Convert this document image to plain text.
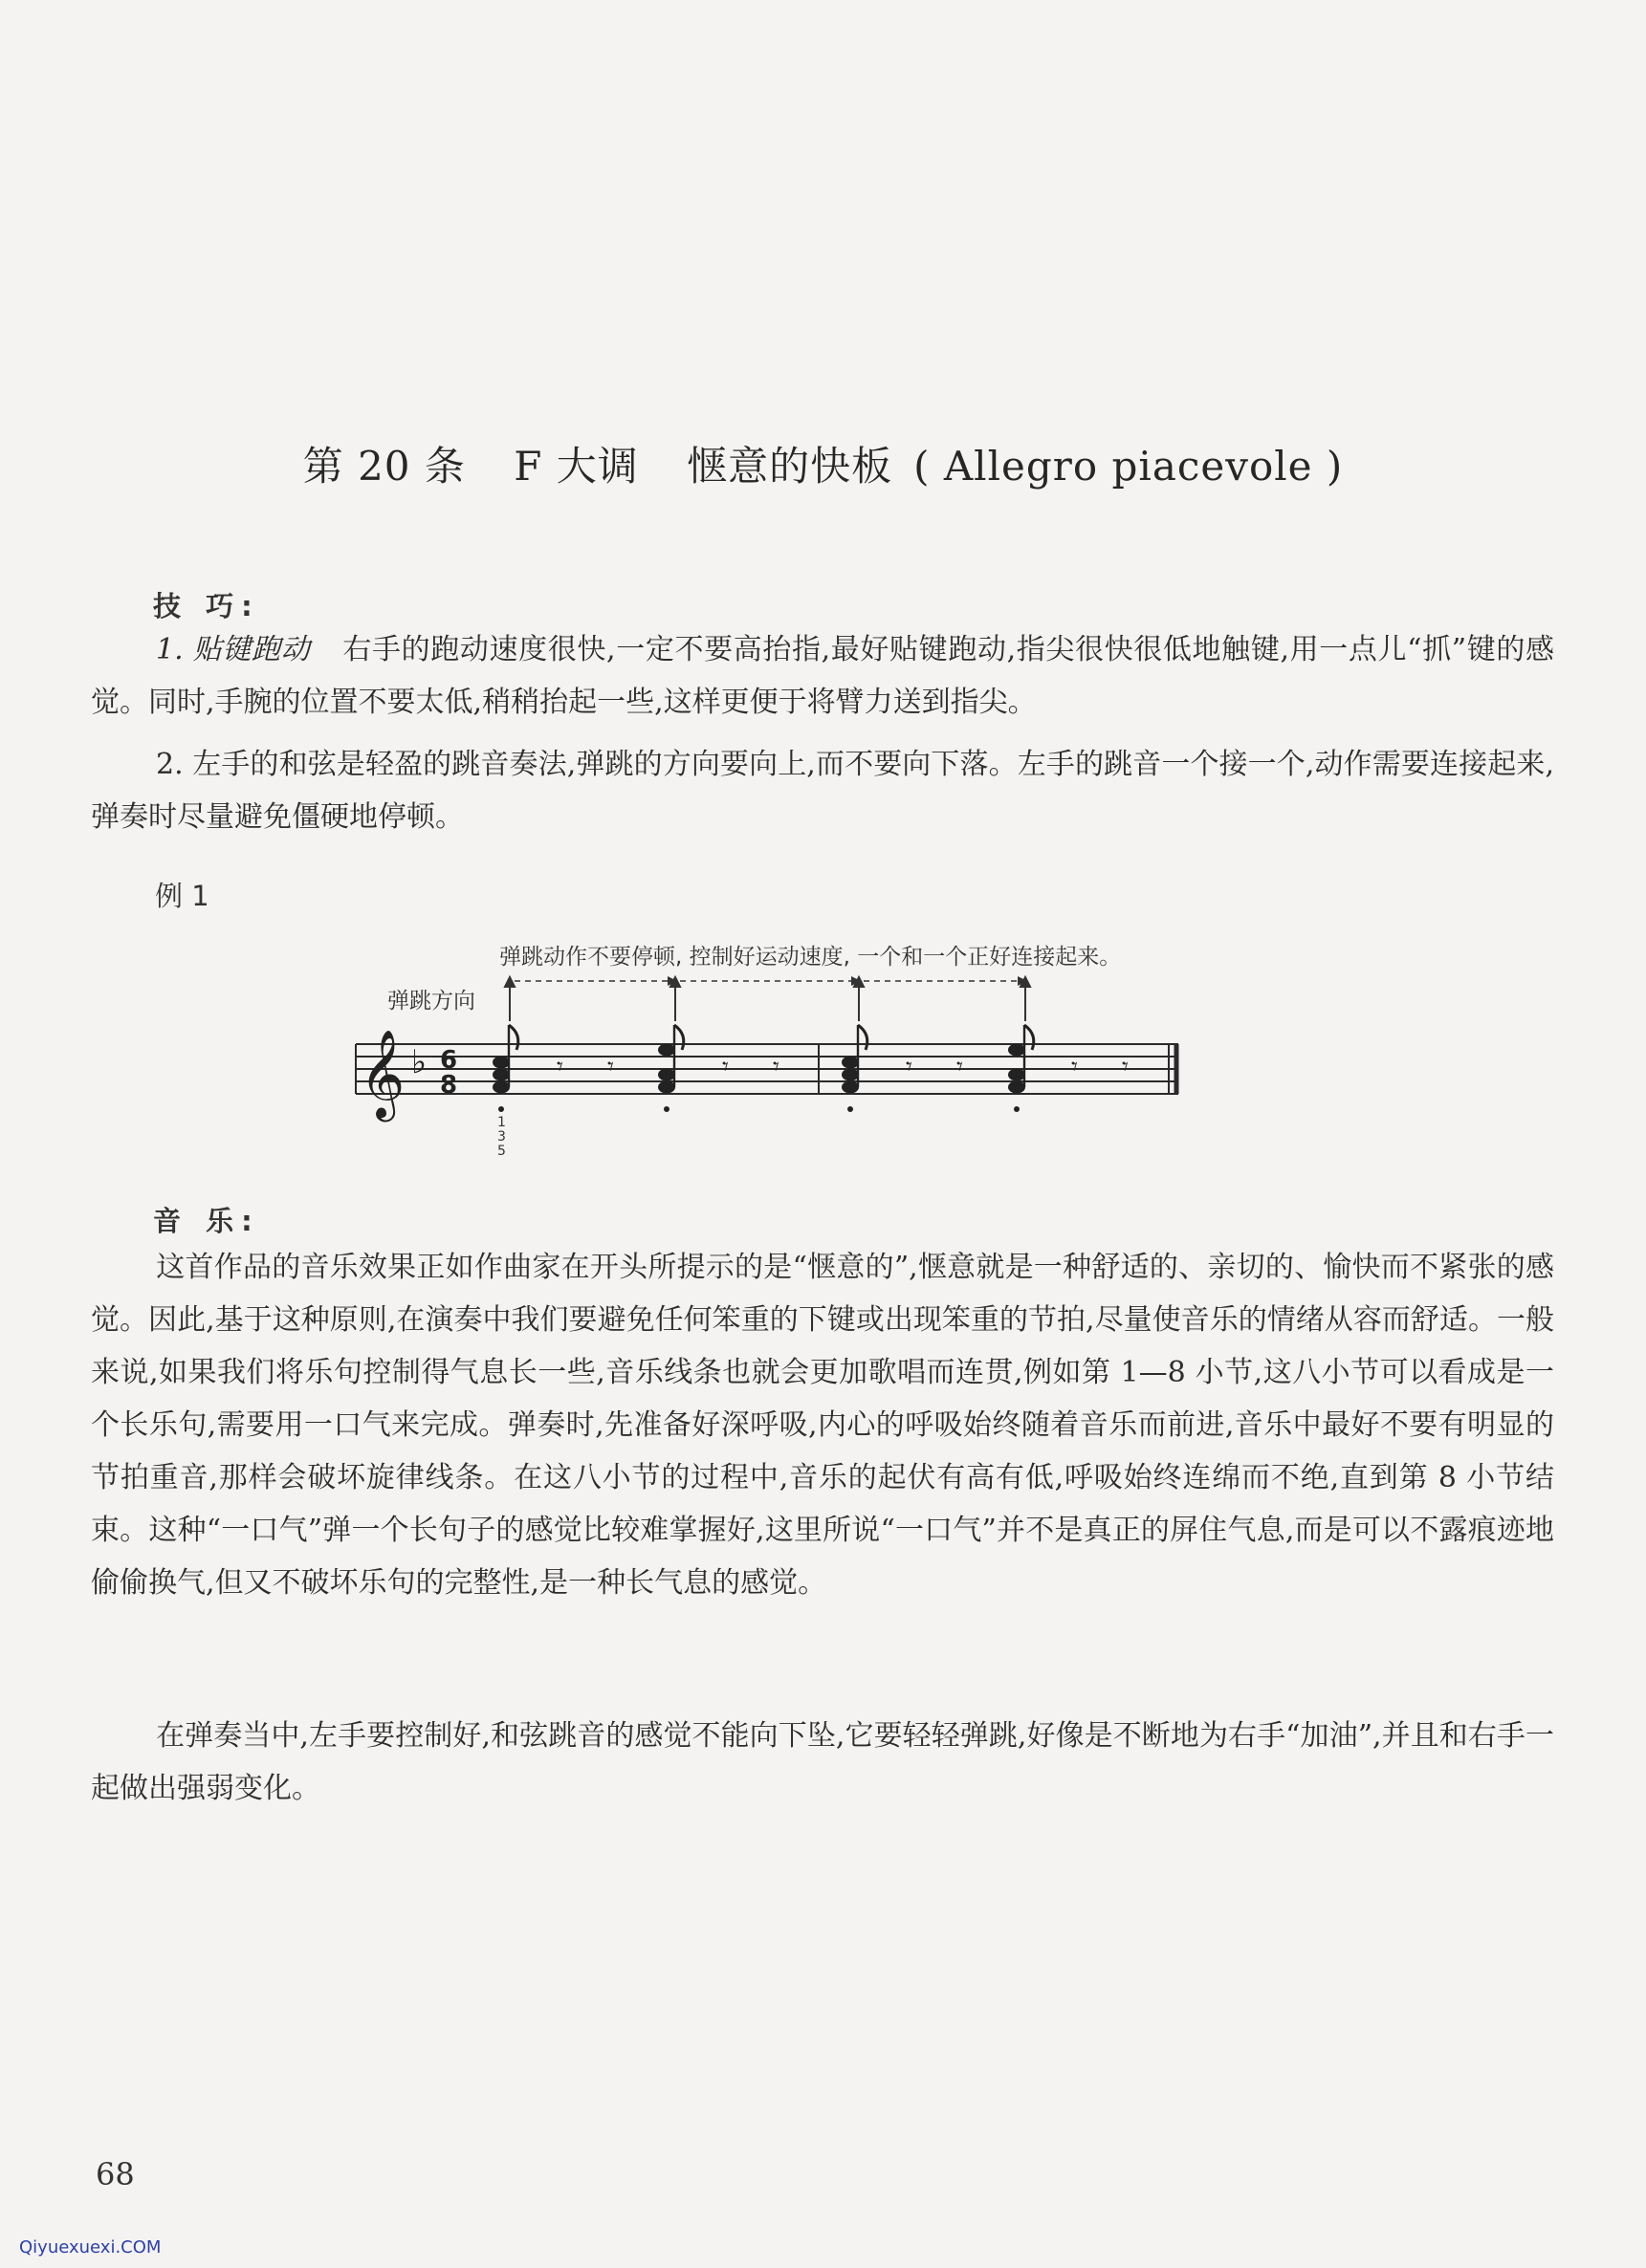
第 20 条 F 大调 惬意的快板 ( Allegro piacevole )
技 巧:
1. 贴键跑动 右手的跑动速度很快,一定不要高抬指,最好贴键跑动,指尖很快很低地触键,用一点儿“抓”键的感觉。同时,手腕的位置不要太低,稍稍抬起一些,这样更便于将臂力送到指尖。
2. 左手的和弦是轻盈的跳音奏法,弹跳的方向要向上,而不要向下落。左手的跳音一个接一个,动作需要连接起来,弹奏时尽量避免僵硬地停顿。
例 1
弹跳动作不要停顿, 控制好运动速度, 一个和一个正好连接起来。
弹跳方向
𝄞 ♭ 6
8
𝄾 𝄾	𝄾 𝄾	𝄾 𝄾	𝄾 𝄾
1
3
5
音 乐:
这首作品的音乐效果正如作曲家在开头所提示的是“惬意的”,惬意就是一种舒适的、亲切的、愉快而不紧张的感觉。因此,基于这种原则,在演奏中我们要避免任何笨重的下键或出现笨重的节拍,尽量使音乐的情绪从容而舒适。一般来说,如果我们将乐句控制得气息长一些,音乐线条也就会更加歌唱而连贯,例如第 1—8 小节,这八小节可以看成是一个长乐句,需要用一口气来完成。弹奏时,先准备好深呼吸,内心的呼吸始终随着音乐而前进,音乐中最好不要有明显的节拍重音,那样会破坏旋律线条。在这八小节的过程中,音乐的起伏有高有低,呼吸始终连绵而不绝,直到第 8 小节结束。这种“一口气”弹一个长句子的感觉比较难掌握好,这里所说“一口气”并不是真正的屏住气息,而是可以不露痕迹地偷偷换气,但又不破坏乐句的完整性,是一种长气息的感觉。
在弹奏当中,左手要控制好,和弦跳音的感觉不能向下坠,它要轻轻弹跳,好像是不断地为右手“加油”,并且和右手一起做出强弱变化。
68
Qiyuexuexi.COM
